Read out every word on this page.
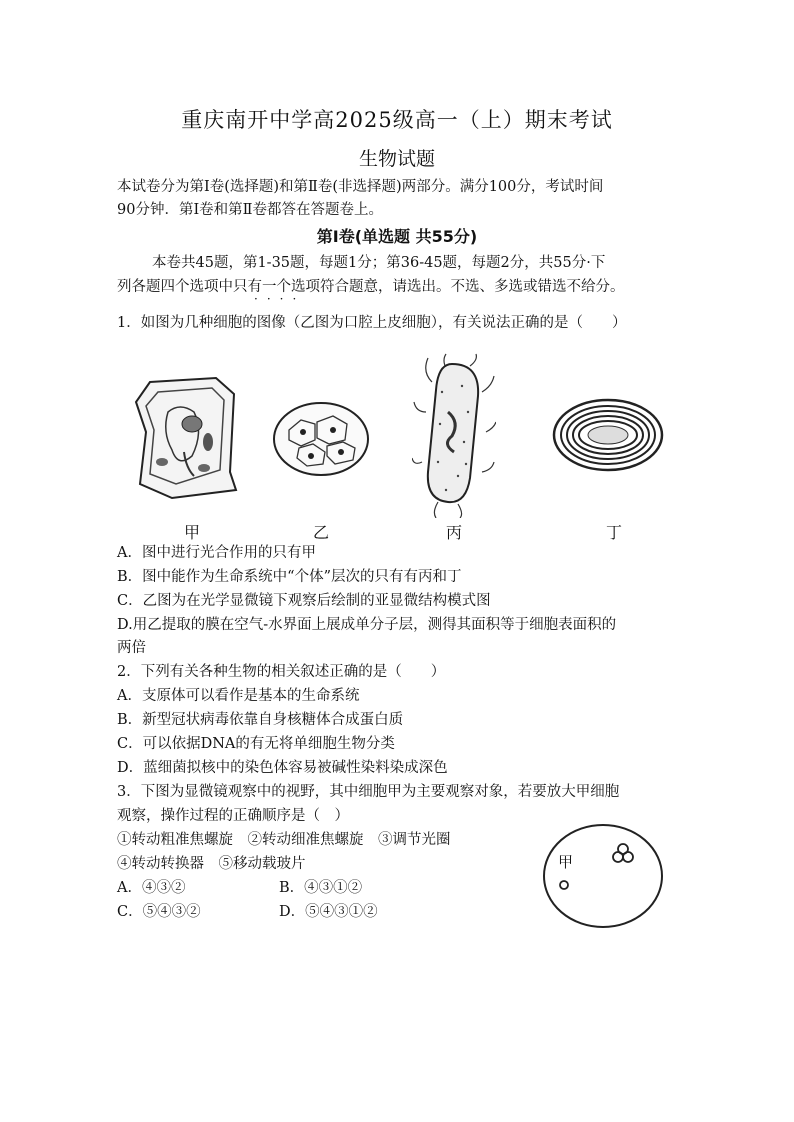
重庆南开中学高2025级高一（上）期末考试
生物试题
本试卷分为第Ⅰ卷(选择题)和第Ⅱ卷(非选择题)两部分。满分100分，考试时间
90分钟．第Ⅰ卷和第Ⅱ卷都答在答题卷上。
第Ⅰ卷(单选题 共55分)
本卷共45题，第1-35题，每题1分；第36-45题，每题2分，共55分·下
列各题四个选项中只有一个选项符合题意，请选出。不选、多选或错选不给分。
····
1．如图为几种细胞的图像（乙图为口腔上皮细胞），有关说法正确的是（　　）
甲	乙	丙	丁
A．图中进行光合作用的只有甲
B．图中能作为生命系统中“个体”层次的只有有丙和丁
C．乙图为在光学显微镜下观察后绘制的亚显微结构模式图
D.用乙提取的膜在空气-水界面上展成单分子层，测得其面积等于细胞表面积的
两倍
2．下列有关各种生物的相关叙述正确的是（　　）
A．支原体可以看作是基本的生命系统
B．新型冠状病毒依靠自身核糖体合成蛋白质
C．可以依据DNA的有无将单细胞生物分类
D．蓝细菌拟核中的染色体容易被碱性染料染成深色
3．下图为显微镜观察中的视野，其中细胞甲为主要观察对象，若要放大甲细胞
观察，操作过程的正确顺序是（　）
①转动粗准焦螺旋　②转动细准焦螺旋　③调节光圈
④转动转换器　⑤移动载玻片
A．④③②	B．④③①②
C．⑤④③②	D．⑤④③①②
甲
